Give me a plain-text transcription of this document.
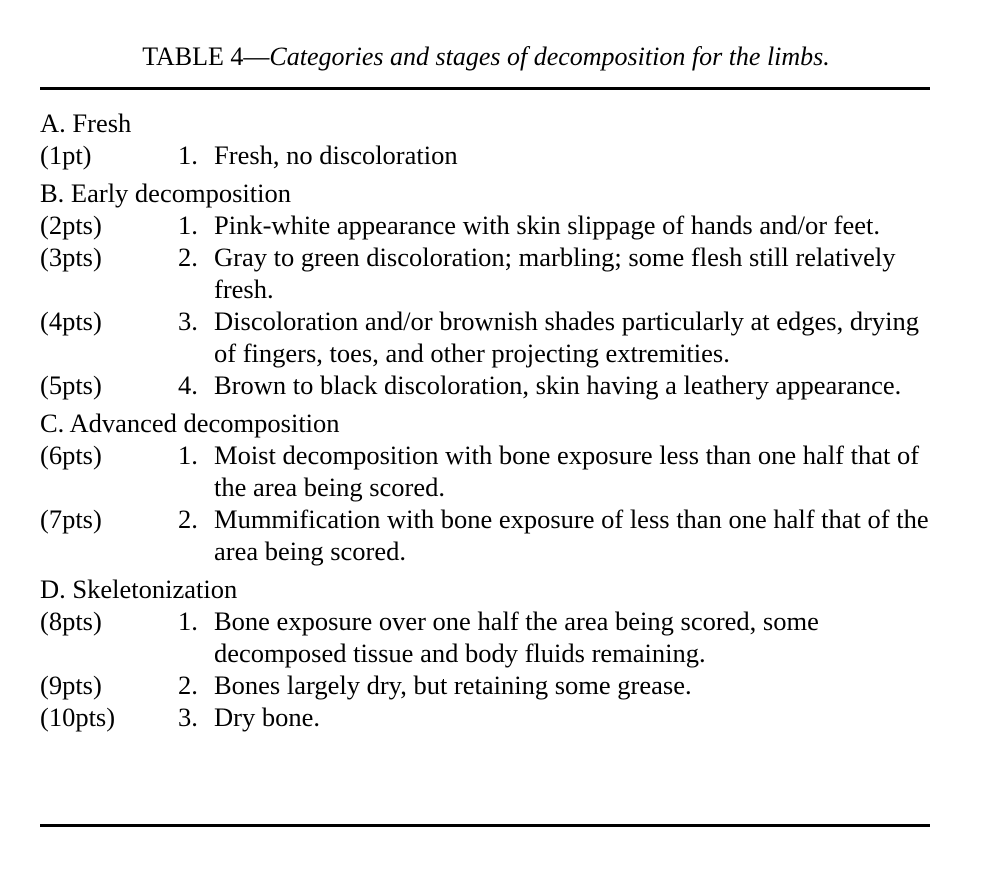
TABLE 4—Categories and stages of decomposition for the limbs.
A. Fresh
(1pt)	1. Fresh, no discoloration
B. Early decomposition
(2pts)	1. Pink-white appearance with skin slippage of hands and/or feet.
(3pts)	2. Gray to green discoloration; marbling; some flesh still relatively fresh.
(4pts)	3. Discoloration and/or brownish shades particularly at edges, drying of fingers, toes, and other projecting extremities.
(5pts)	4. Brown to black discoloration, skin having a leathery appearance.
C. Advanced decomposition
(6pts)	1. Moist decomposition with bone exposure less than one half that of the area being scored.
(7pts)	2. Mummification with bone exposure of less than one half that of the area being scored.
D. Skeletonization
(8pts)	1. Bone exposure over one half the area being scored, some decomposed tissue and body fluids remaining.
(9pts)	2. Bones largely dry, but retaining some grease.
(10pts)	3. Dry bone.
